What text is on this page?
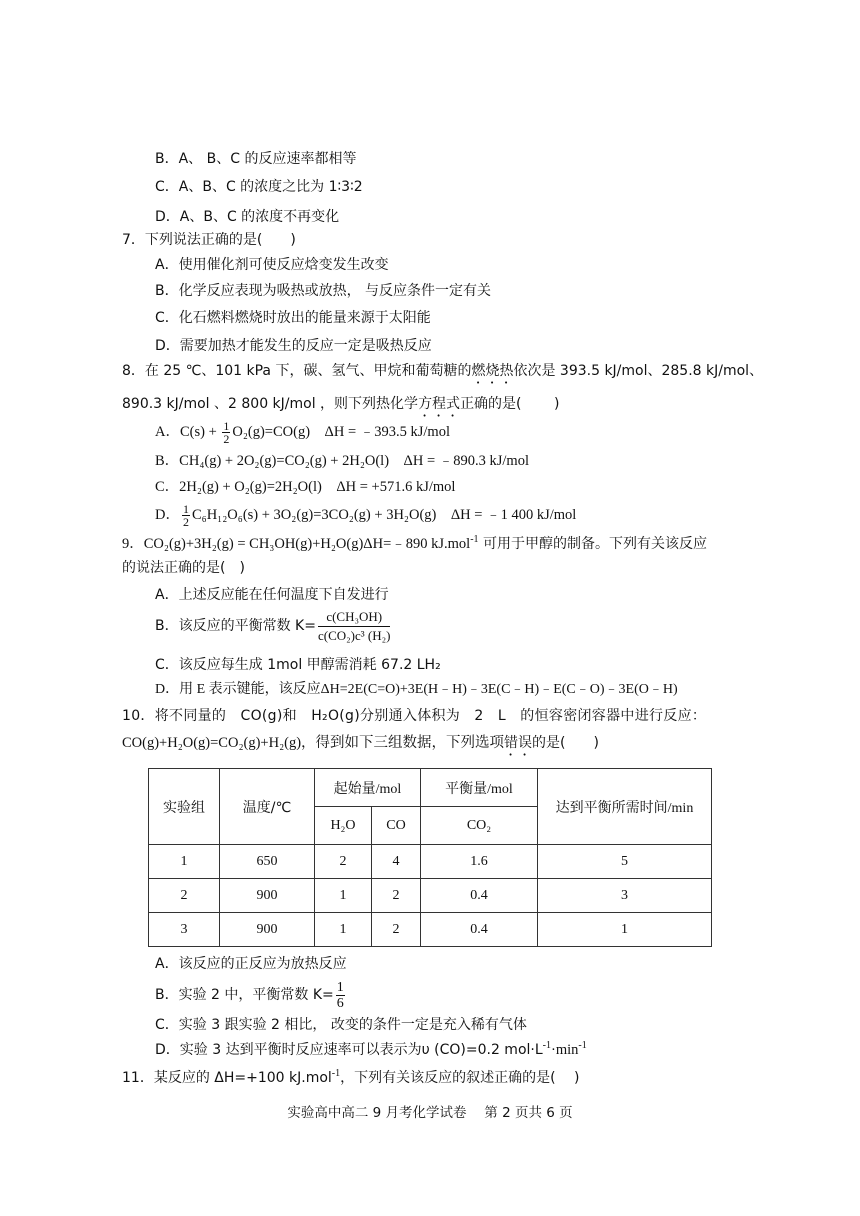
B．A、 B、C 的反应速率都相等
C．A、B、C 的浓度之比为 1∶3∶2
D．A、B、C 的浓度不再变化
7．下列说法正确的是(　　)
A．使用催化剂可使反应焓变发生改变
B．化学反应表现为吸热或放热， 与反应条件一定有关
C．化石燃料燃烧时放出的能量来源于太阳能
D．需要加热才能发生的反应一定是吸热反应
8．在 25 ℃、101 kPa 下，碳、氢气、甲烷和葡萄糖的燃烧热依次是 393.5 kJ/mol、285.8 kJ/mol、
890.3 kJ/mol 、2 800 kJ/mol ，则下列热化学方程式正确的是(　　 )
A．$C(s) + \frac{1}{2} O_2(g)=CO(g)$　ΔH = ﹣393.5 kJ/mol
B．CH₄(g) + 2O₂(g)=CO₂(g) + 2H₂O(l)　ΔH = ﹣890.3 kJ/mol
C．2H₂(g) + O₂(g)=2H₂O(l)　ΔH = +571.6 kJ/mol
D． $\frac{1}{2} C_6H_{12}O_6(s) + 3O_2(g)=3CO_2(g) + 3H_2O(g)$　ΔH = ﹣1 400 kJ/mol
9．CO₂(g)+3H₂(g) = CH₃OH(g)+H₂O(g)ΔH=﹣890 kJ.mol$^{-1}$ 可用于甲醇的制备。下列有关该反应
的说法正确的是(　)
A．上述反应能在任何温度下自发进行
B．该反应的平衡常数 $K= \frac{\text{c(CH₃OH)}}{\text{c(CO₂)c³ (H₂)}}$
C．该反应每生成 1mol 甲醇需消耗 67.2 LH₂
D．用 E 表示键能，该反应ΔH=2E(C=O)+3E(H﹣H)﹣3E(C﹣H)﹣E(C﹣O)﹣3E(O﹣H)
10．将不同量的　CO(g)和　H₂O(g)分别通入体积为　2　L　的恒容密闭容器中进行反应：
CO(g)+H₂O(g)=CO₂(g)+H₂(g)，得到如下三组数据，下列选项错误的是(　　)
实验组	温度/℃	起始量/mol		平衡量/mol	达到平衡所需时间/min
		H₂O	CO	CO₂	
1	650	2	4	1.6	5
2	900	1	2	0.4	3
3	900	1	2	0.4	1
A．该反应的正反应为放热反应
B．实验 2 中，平衡常数 $K= \frac{1}{6}$
C．实验 3 跟实验 2 相比， 改变的条件一定是充入稀有气体
D．实验 3 达到平衡时反应速率可以表示为υ (CO)=0.2 $mol\cdot L^{-1}\cdot\min^{-1}$
11．某反应的 ΔH=+100 kJ.mol$^{-1}$，下列有关该反应的叙述正确的是(　 )
实验高中高二 9 月考化学试卷　 第 2 页共 6 页
